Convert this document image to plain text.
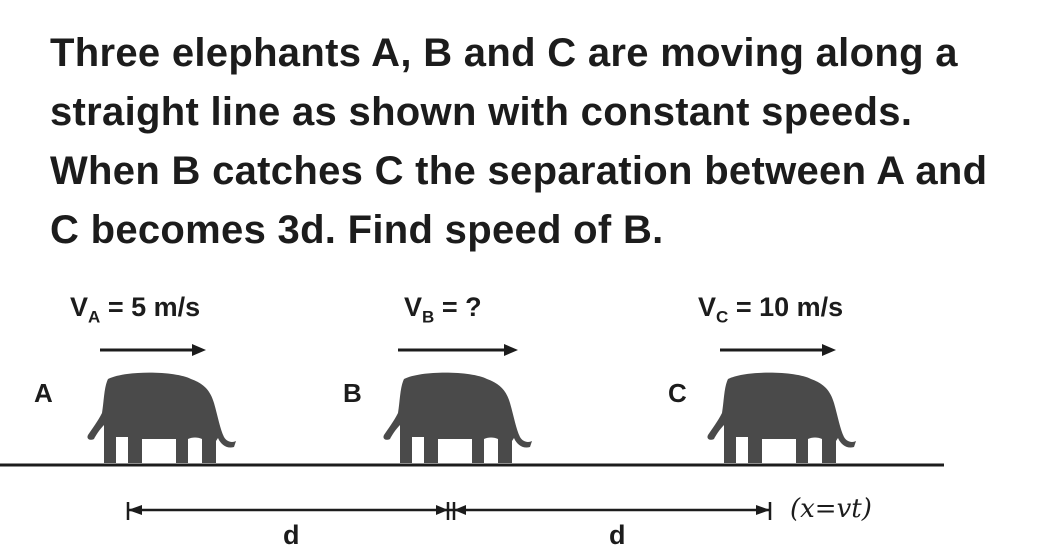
Three elephants A, B and C are moving along a
straight line as shown with constant speeds.
When B catches C the separation between A and
C becomes 3d. Find speed of B.
$V_A = 5$ m/s	$V_B$ = ?	$V_C = 10$ m/s
A	B	C
d	d
(x=vt)
